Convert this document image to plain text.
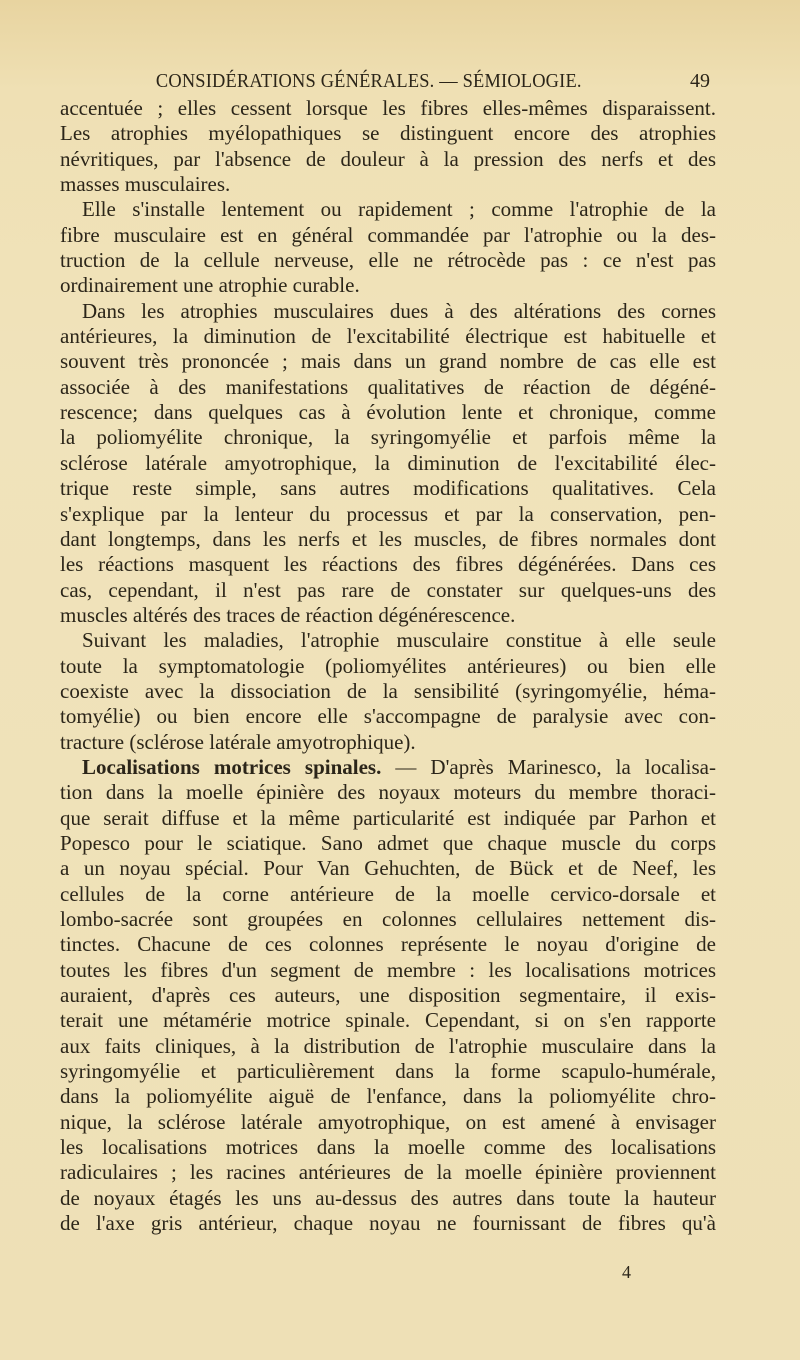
CONSIDÉRATIONS GÉNÉRALES. — SÉMIOLOGIE.	49
accentuée ; elles cessent lorsque les fibres elles-mêmes disparaissent.
Les atrophies myélopathiques se distinguent encore des atrophies
névritiques, par l'absence de douleur à la pression des nerfs et des
masses musculaires.
Elle s'installe lentement ou rapidement ; comme l'atrophie de la
fibre musculaire est en général commandée par l'atrophie ou la des-
truction de la cellule nerveuse, elle ne rétrocède pas : ce n'est pas
ordinairement une atrophie curable.
Dans les atrophies musculaires dues à des altérations des cornes
antérieures, la diminution de l'excitabilité électrique est habituelle et
souvent très prononcée ; mais dans un grand nombre de cas elle est
associée à des manifestations qualitatives de réaction de dégéné-
rescence; dans quelques cas à évolution lente et chronique, comme
la poliomyélite chronique, la syringomyélie et parfois même la
sclérose latérale amyotrophique, la diminution de l'excitabilité élec-
trique reste simple, sans autres modifications qualitatives. Cela
s'explique par la lenteur du processus et par la conservation, pen-
dant longtemps, dans les nerfs et les muscles, de fibres normales dont
les réactions masquent les réactions des fibres dégénérées. Dans ces
cas, cependant, il n'est pas rare de constater sur quelques-uns des
muscles altérés des traces de réaction dégénérescence.
Suivant les maladies, l'atrophie musculaire constitue à elle seule
toute la symptomatologie (poliomyélites antérieures) ou bien elle
coexiste avec la dissociation de la sensibilité (syringomyélie, héma-
tomyélie) ou bien encore elle s'accompagne de paralysie avec con-
tracture (sclérose latérale amyotrophique).
Localisations motrices spinales. — D'après Marinesco, la localisa-
tion dans la moelle épinière des noyaux moteurs du membre thoraci-
que serait diffuse et la même particularité est indiquée par Parhon et
Popesco pour le sciatique. Sano admet que chaque muscle du corps
a un noyau spécial. Pour Van Gehuchten, de Bück et de Neef, les
cellules de la corne antérieure de la moelle cervico-dorsale et
lombo-sacrée sont groupées en colonnes cellulaires nettement dis-
tinctes. Chacune de ces colonnes représente le noyau d'origine de
toutes les fibres d'un segment de membre : les localisations motrices
auraient, d'après ces auteurs, une disposition segmentaire, il exis-
terait une métamérie motrice spinale. Cependant, si on s'en rapporte
aux faits cliniques, à la distribution de l'atrophie musculaire dans la
syringomyélie et particulièrement dans la forme scapulo-humérale,
dans la poliomyélite aiguë de l'enfance, dans la poliomyélite chro-
nique, la sclérose latérale amyotrophique, on est amené à envisager
les localisations motrices dans la moelle comme des localisations
radiculaires ; les racines antérieures de la moelle épinière proviennent
de noyaux étagés les uns au-dessus des autres dans toute la hauteur
de l'axe gris antérieur, chaque noyau ne fournissant de fibres qu'à
4
